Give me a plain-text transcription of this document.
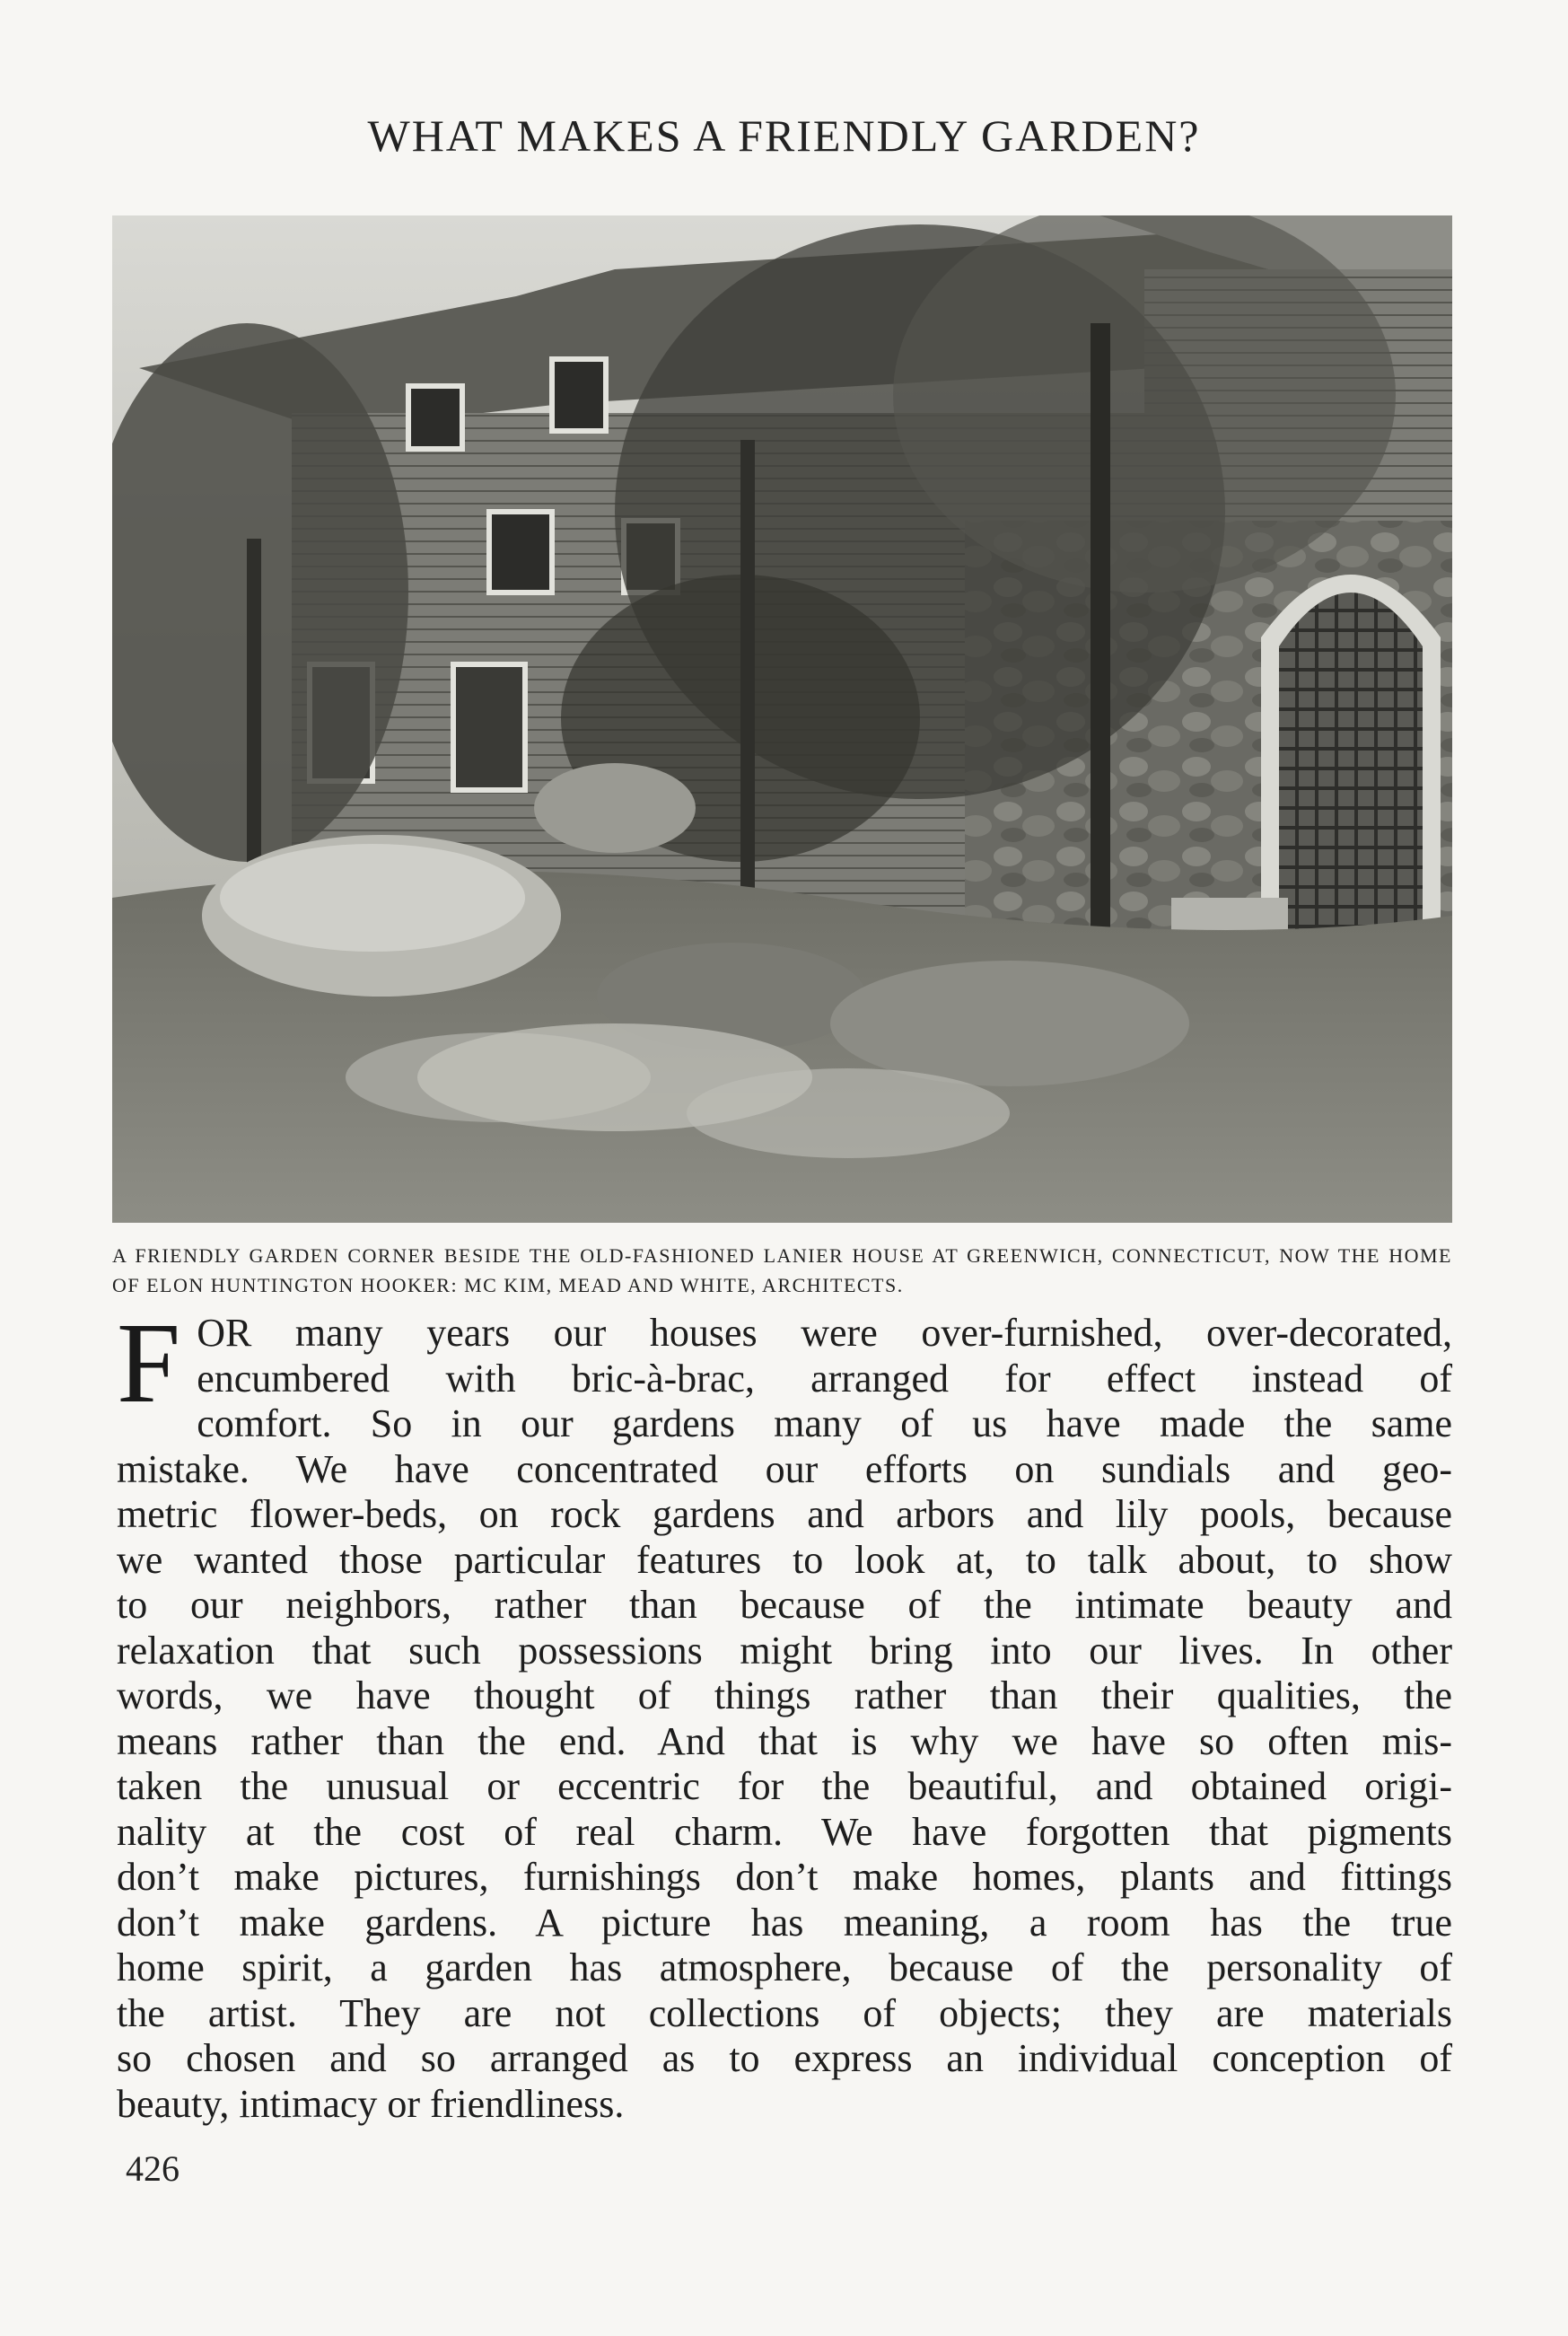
WHAT MAKES A FRIENDLY GARDEN?
A FRIENDLY GARDEN CORNER BESIDE THE OLD-FASHIONED LANIER HOUSE AT GREENWICH, CONNECTICUT, NOW THE HOME OF ELON HUNTINGTON HOOKER: MC KIM, MEAD AND WHITE, ARCHITECTS.
F OR many years our houses were over-furnished, over-decorated,
encumbered with bric-à-brac, arranged for effect instead of
comfort. So in our gardens many of us have made the same
mistake. We have concentrated our efforts on sundials and geo-
metric flower-beds, on rock gardens and arbors and lily pools, because
we wanted those particular features to look at, to talk about, to show
to our neighbors, rather than because of the intimate beauty and
relaxation that such possessions might bring into our lives. In other
words, we have thought of things rather than their qualities, the
means rather than the end. And that is why we have so often mis-
taken the unusual or eccentric for the beautiful, and obtained origi-
nality at the cost of real charm. We have forgotten that pigments
don’t make pictures, furnishings don’t make homes, plants and fittings
don’t make gardens. A picture has meaning, a room has the true
home spirit, a garden has atmosphere, because of the personality of
the artist. They are not collections of objects; they are materials
so chosen and so arranged as to express an individual conception of
beauty, intimacy or friendliness.
426
